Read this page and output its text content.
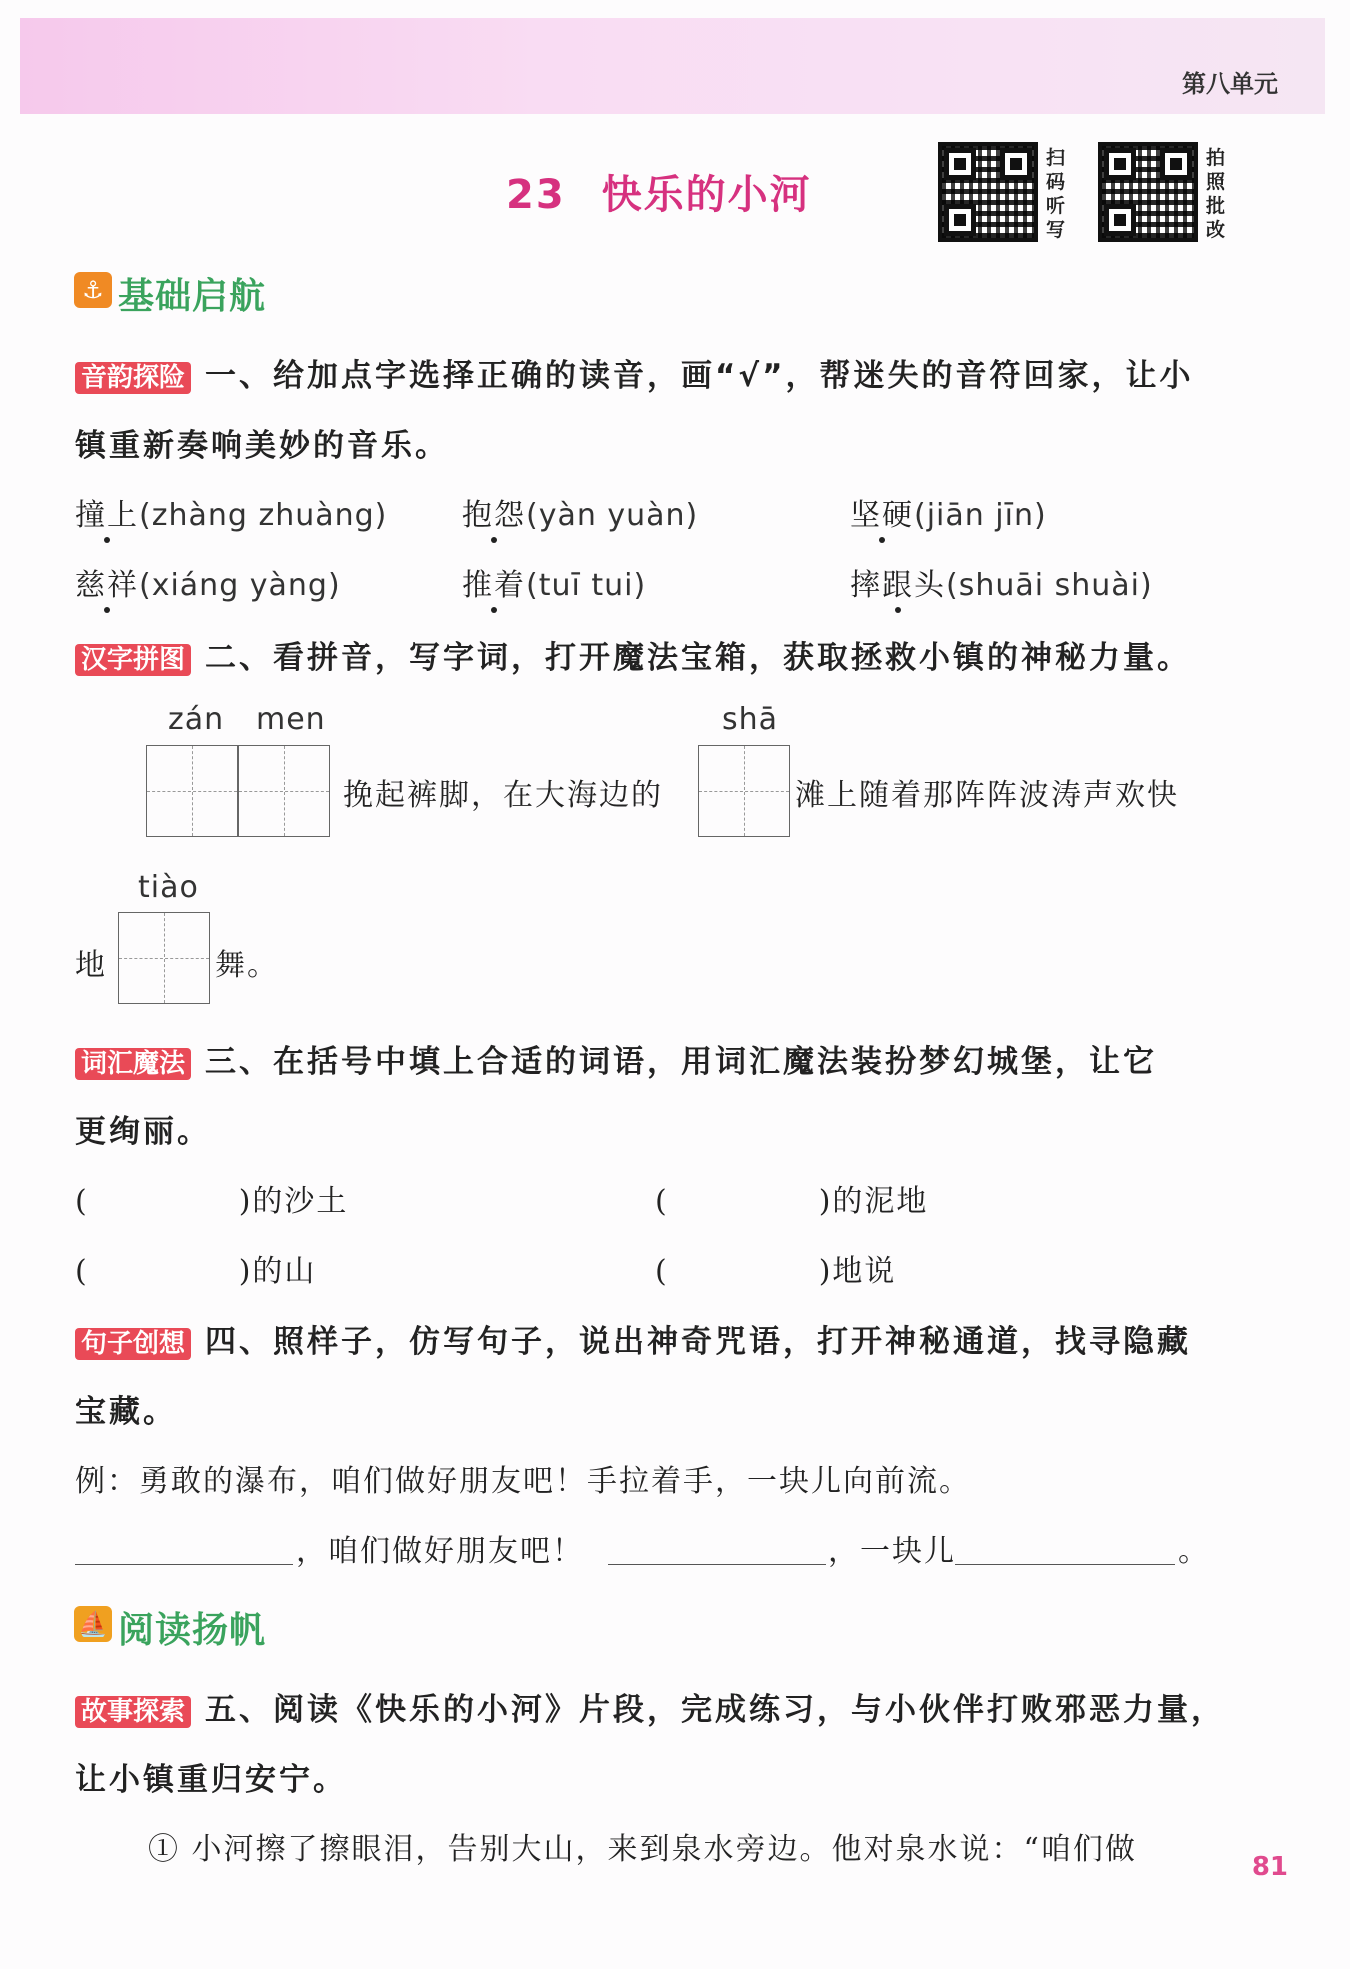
第八单元
23 快乐的小河
扫
码
听
写
拍
照
批
改
⚓ 基础启航
音韵探险 一、给加点字选择正确的读音，画“√”，帮迷失的音符回家，让小
镇重新奏响美妙的音乐。
撞上(zhàng zhuàng) 抱怨(yàn yuàn)	坚硬(jiān jīn)
慈祥(xiáng yàng)	推着(tuī tui)	摔跟头(shuāi shuài)
汉字拼图 二、看拼音，写字词，打开魔法宝箱，获取拯救小镇的神秘力量。
zán men
挽起裤脚，在大海边的
shā
滩上随着那阵阵波涛声欢快
tiào
地	舞。
词汇魔法 三、在括号中填上合适的词语，用词汇魔法装扮梦幻城堡，让它
更绚丽。
(	)的沙土	(	)的泥地
(	)的山	(	)地说
句子创想 四、照样子，仿写句子，说出神奇咒语，打开神秘通道，找寻隐藏
宝藏。
例：勇敢的瀑布，咱们做好朋友吧！手拉着手，一块儿向前流。
，咱们做好朋友吧！	，一块儿	。
⛵ 阅读扬帆
故事探索 五、阅读《快乐的小河》片段，完成练习，与小伙伴打败邪恶力量，
让小镇重归安宁。
① 小河擦了擦眼泪，告别大山，来到泉水旁边。他对泉水说：“咱们做	81
